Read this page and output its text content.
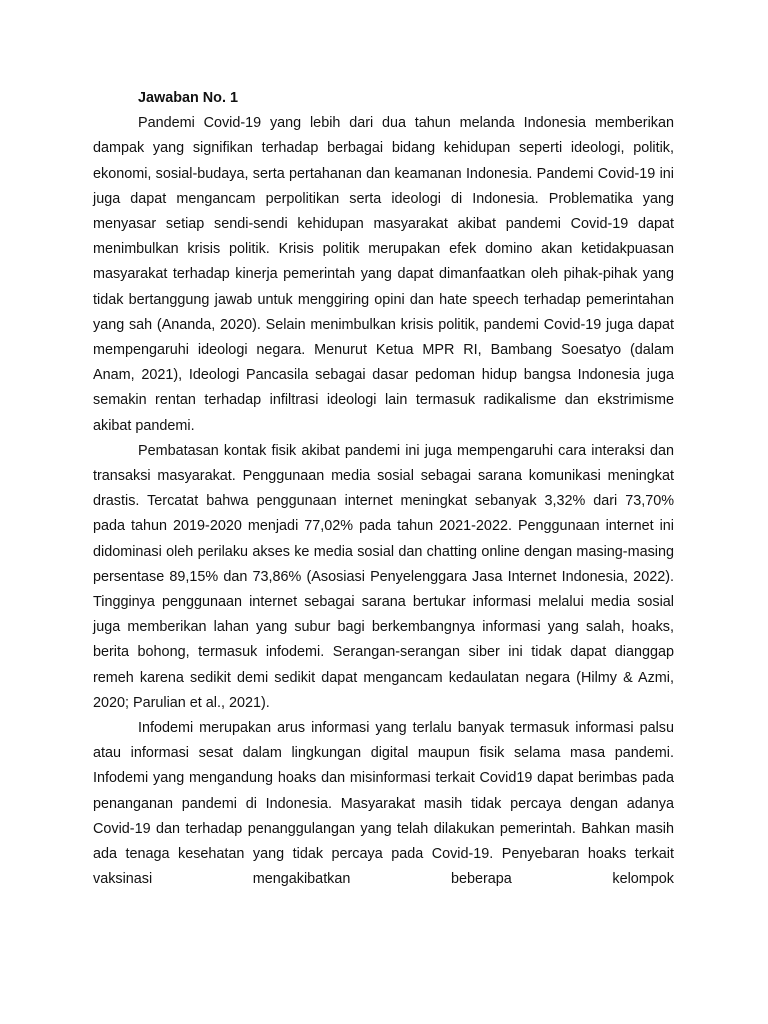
Jawaban No. 1

Pandemi Covid-19 yang lebih dari dua tahun melanda Indonesia memberikan dampak yang signifikan terhadap berbagai bidang kehidupan seperti ideologi, politik, ekonomi, sosial-budaya, serta pertahanan dan keamanan Indonesia. Pandemi Covid-19 ini juga dapat mengancam perpolitikan serta ideologi di Indonesia. Problematika yang menyasar setiap sendi-sendi kehidupan masyarakat akibat pandemi Covid-19 dapat menimbulkan krisis politik. Krisis politik merupakan efek domino akan ketidakpuasan masyarakat terhadap kinerja pemerintah yang dapat dimanfaatkan oleh pihak-pihak yang tidak bertanggung jawab untuk menggiring opini dan hate speech terhadap pemerintahan yang sah (Ananda, 2020). Selain menimbulkan krisis politik, pandemi Covid-19 juga dapat mempengaruhi ideologi negara. Menurut Ketua MPR RI, Bambang Soesatyo (dalam Anam, 2021), Ideologi Pancasila sebagai dasar pedoman hidup bangsa Indonesia juga semakin rentan terhadap infiltrasi ideologi lain termasuk radikalisme dan ekstrimisme akibat pandemi.

Pembatasan kontak fisik akibat pandemi ini juga mempengaruhi cara interaksi dan transaksi masyarakat. Penggunaan media sosial sebagai sarana komunikasi meningkat drastis. Tercatat bahwa penggunaan internet meningkat sebanyak 3,32% dari 73,70% pada tahun 2019-2020 menjadi 77,02% pada tahun 2021-2022. Penggunaan internet ini didominasi oleh perilaku akses ke media sosial dan chatting online dengan masing-masing persentase 89,15% dan 73,86% (Asosiasi Penyelenggara Jasa Internet Indonesia, 2022). Tingginya penggunaan internet sebagai sarana bertukar informasi melalui media sosial juga memberikan lahan yang subur bagi berkembangnya informasi yang salah, hoaks, berita bohong, termasuk infodemi. Serangan-serangan siber ini tidak dapat dianggap remeh karena sedikit demi sedikit dapat mengancam kedaulatan negara (Hilmy & Azmi, 2020; Parulian et al., 2021).

Infodemi merupakan arus informasi yang terlalu banyak termasuk informasi palsu atau informasi sesat dalam lingkungan digital maupun fisik selama masa pandemi. Infodemi yang mengandung hoaks dan misinformasi terkait Covid19 dapat berimbas pada penanganan pandemi di Indonesia. Masyarakat masih tidak percaya dengan adanya Covid-19 dan terhadap penanggulangan yang telah dilakukan pemerintah. Bahkan masih ada tenaga kesehatan yang tidak percaya pada Covid-19. Penyebaran hoaks terkait vaksinasi mengakibatkan beberapa kelompok
